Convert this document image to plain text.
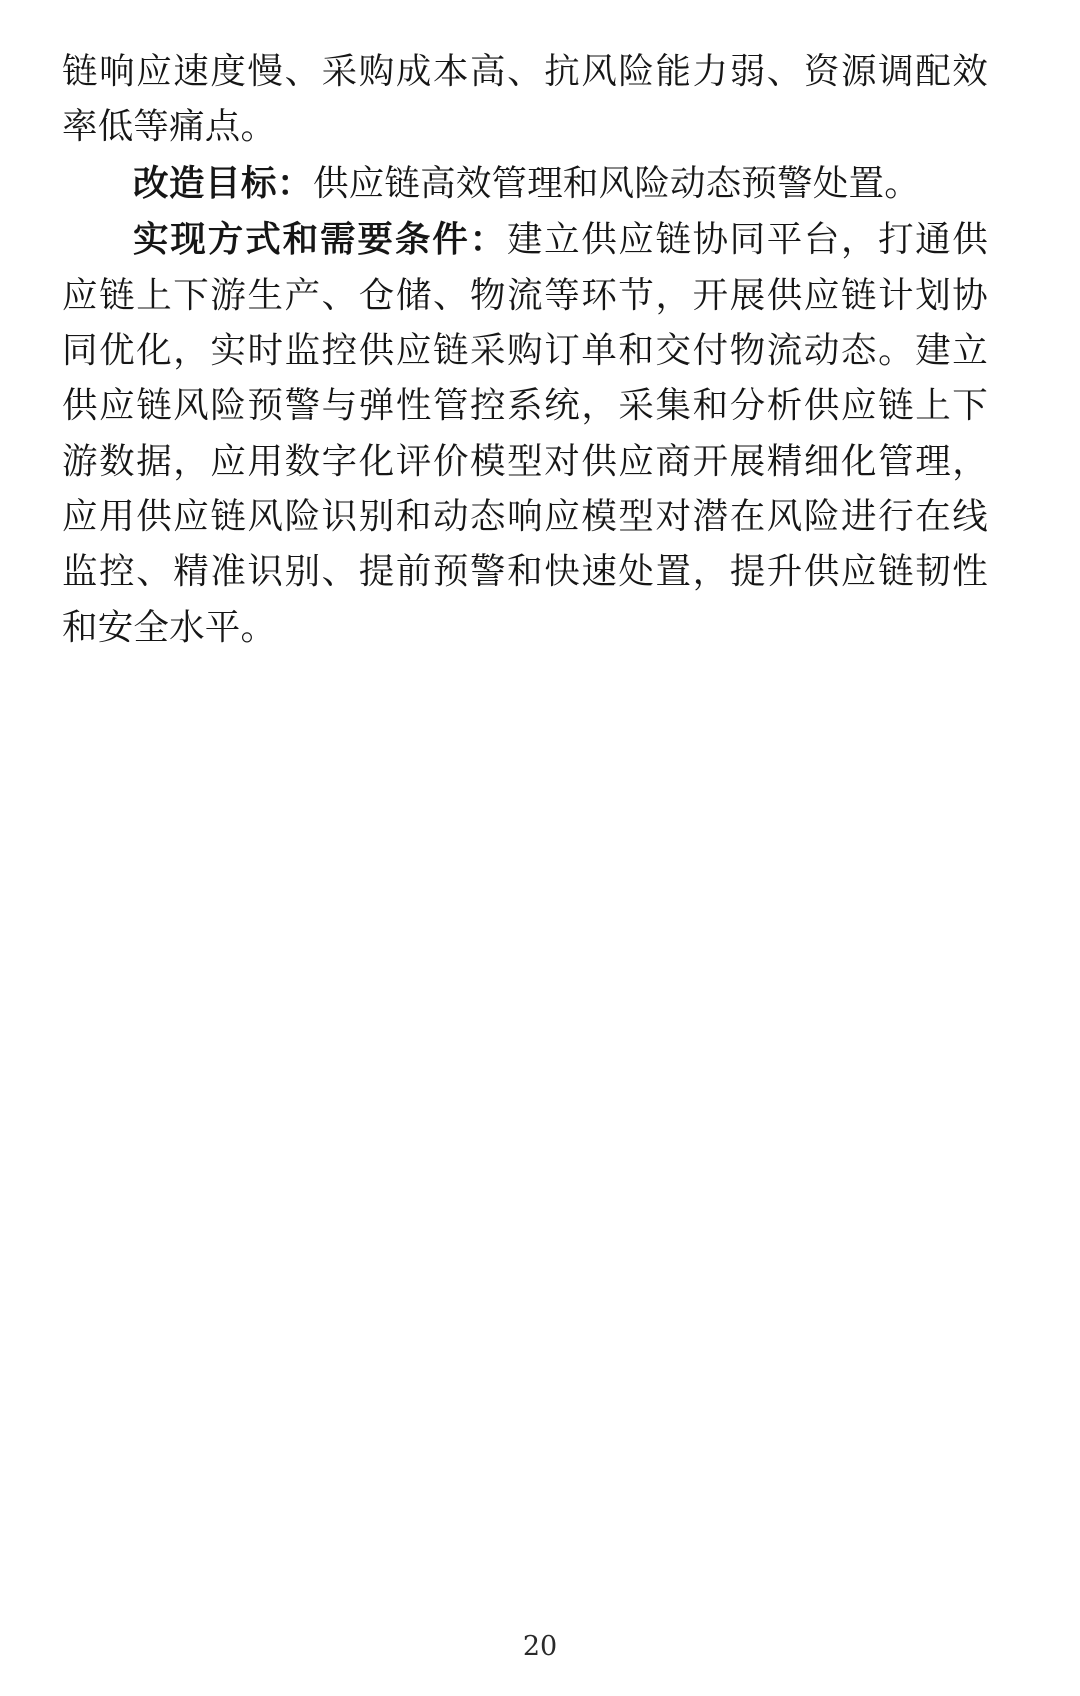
链响应速度慢、采购成本高、抗风险能力弱、资源调配效率低等痛点。

改造目标：供应链高效管理和风险动态预警处置。

实现方式和需要条件：建立供应链协同平台，打通供应链上下游生产、仓储、物流等环节，开展供应链计划协同优化，实时监控供应链采购订单和交付物流动态。建立供应链风险预警与弹性管控系统，采集和分析供应链上下游数据，应用数字化评价模型对供应商开展精细化管理，应用供应链风险识别和动态响应模型对潜在风险进行在线监控、精准识别、提前预警和快速处置，提升供应链韧性和安全水平。

20
